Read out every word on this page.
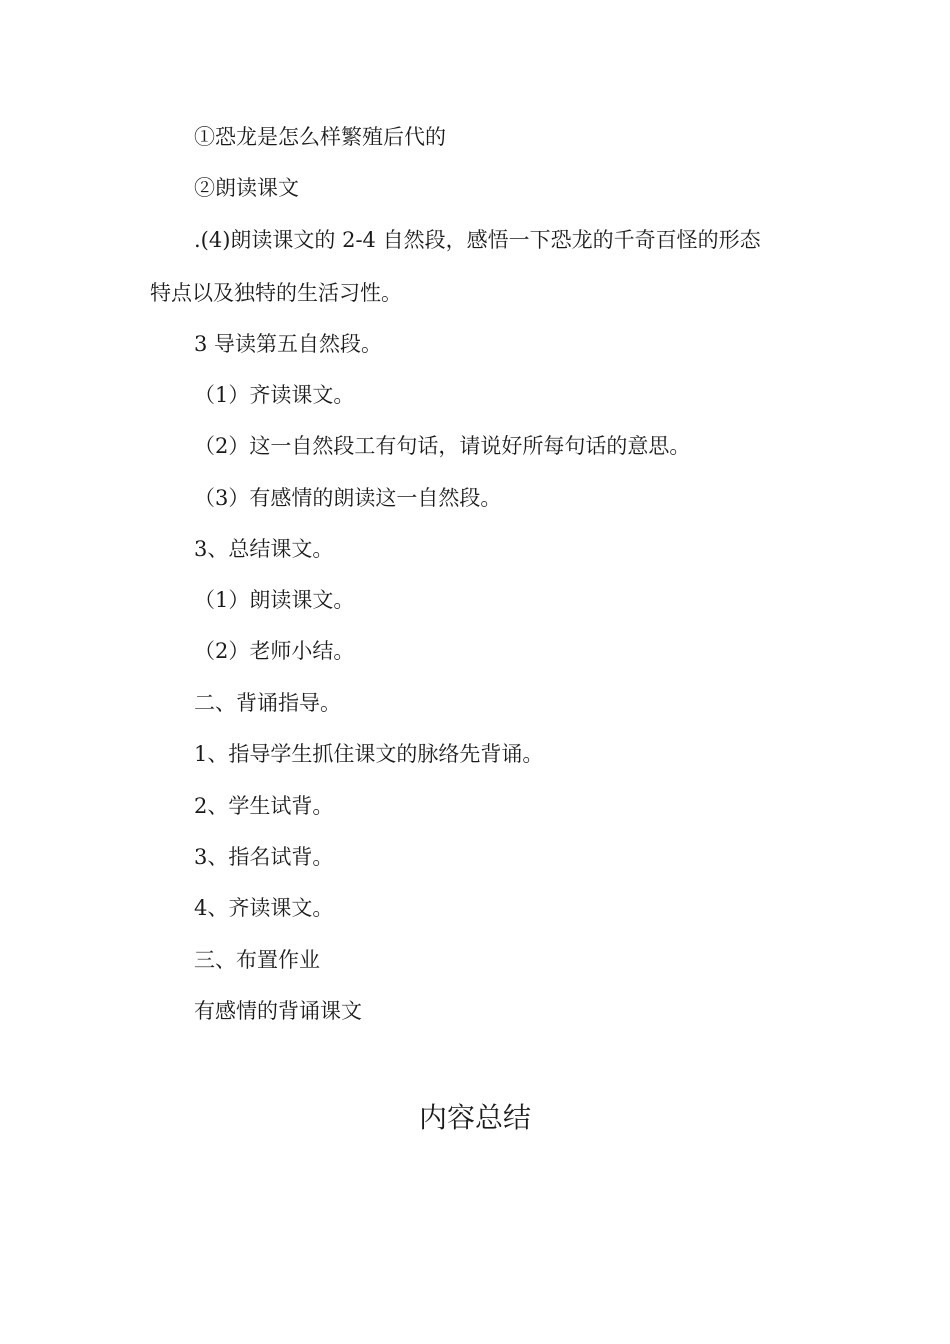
①恐龙是怎么样繁殖后代的
②朗读课文
.(4)朗读课文的 2-4 自然段，感悟一下恐龙的千奇百怪的形态
特点以及独特的生活习性。
3 导读第五自然段。
（1）齐读课文。
（2）这一自然段工有句话，请说好所每句话的意思。
（3）有感情的朗读这一自然段。
3、总结课文。
（1）朗读课文。
（2）老师小结。
二、背诵指导。
1、指导学生抓住课文的脉络先背诵。
2、学生试背。
3、指名试背。
4、齐读课文。
三、布置作业
有感情的背诵课文
内容总结
